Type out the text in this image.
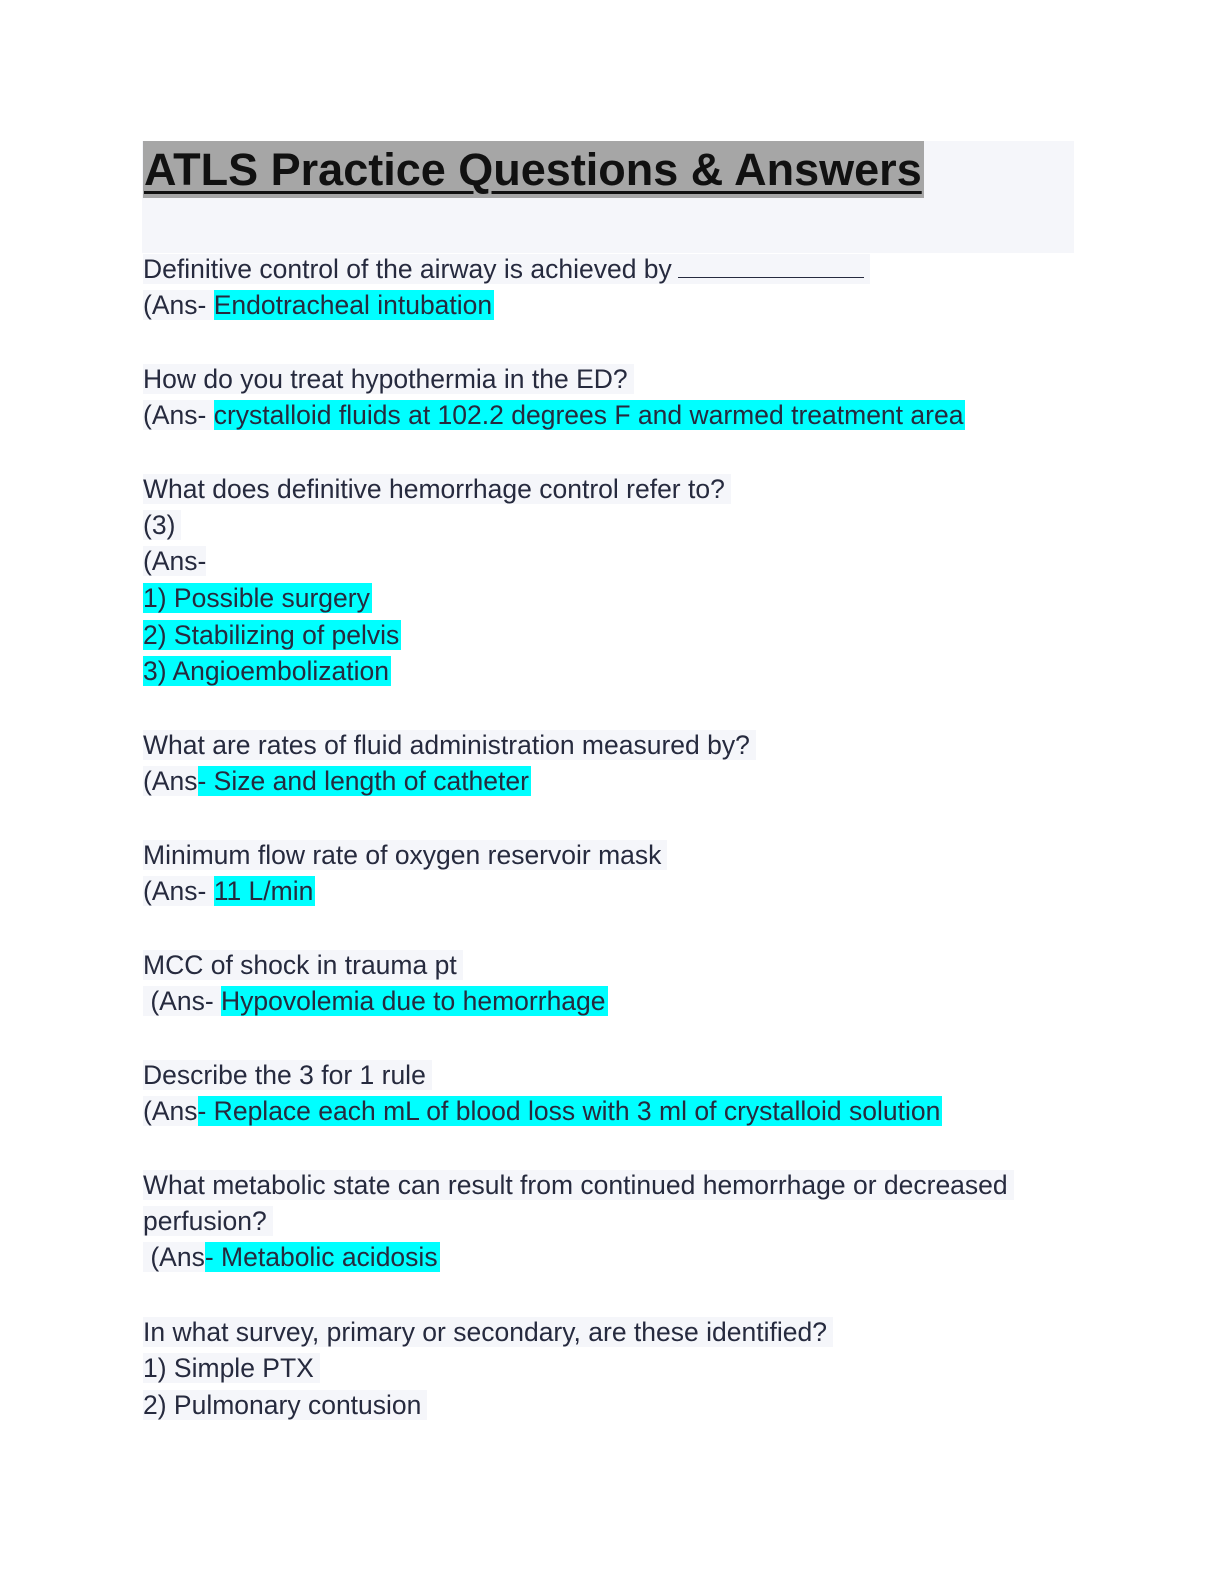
ATLS Practice Questions & Answers
Definitive control of the airway is achieved by
(Ans- Endotracheal intubation
How do you treat hypothermia in the ED?
(Ans- crystalloid fluids at 102.2 degrees F and warmed treatment area
What does definitive hemorrhage control refer to?
(3)
(Ans-
1) Possible surgery
2) Stabilizing of pelvis
3) Angioembolization
What are rates of fluid administration measured by?
(Ans- Size and length of catheter
Minimum flow rate of oxygen reservoir mask
(Ans- 11 L/min
MCC of shock in trauma pt
(Ans- Hypovolemia due to hemorrhage
Describe the 3 for 1 rule
(Ans- Replace each mL of blood loss with 3 ml of crystalloid solution
What metabolic state can result from continued hemorrhage or decreased
perfusion?
(Ans- Metabolic acidosis
In what survey, primary or secondary, are these identified?
1) Simple PTX
2) Pulmonary contusion
